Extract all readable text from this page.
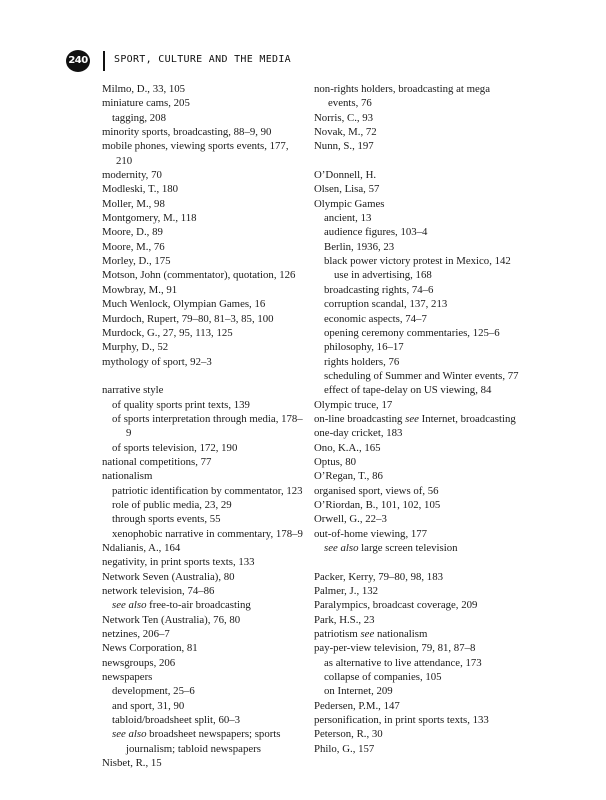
240	SPORT, CULTURE AND THE MEDIA

Milmo, D., 33, 105

miniature cams, 205

tagging, 208

minority sports, broadcasting, 88–9, 90

mobile phones, viewing sports events, 177, 210

modernity, 70

Modleski, T., 180

Moller, M., 98

Montgomery, M., 118

Moore, D., 89

Moore, M., 76

Morley, D., 175

Motson, John (commentator), quotation, 126

Mowbray, M., 91

Much Wenlock, Olympian Games, 16

Murdoch, Rupert, 79–80, 81–3, 85, 100

Murdock, G., 27, 95, 113, 125

Murphy, D., 52

mythology of sport, 92–3

narrative style

of quality sports print texts, 139

of sports interpretation through media, 178–9

of sports television, 172, 190

national competitions, 77

nationalism

patriotic identification by commentator, 123

role of public media, 23, 29

through sports events, 55

xenophobic narrative in commentary, 178–9

Ndalianis, A., 164

negativity, in print sports texts, 133

Network Seven (Australia), 80

network television, 74–86

see also free-to-air broadcasting

Network Ten (Australia), 76, 80

netzines, 206–7

News Corporation, 81

newsgroups, 206

newspapers

development, 25–6

and sport, 31, 90

tabloid/broadsheet split, 60–3

see also broadsheet newspapers; sports journalism; tabloid newspapers

Nisbet, R., 15

non-rights holders, broadcasting at mega events, 76

Norris, C., 93

Novak, M., 72

Nunn, S., 197

O’Donnell, H.

Olsen, Lisa, 57

Olympic Games

ancient, 13

audience figures, 103–4

Berlin, 1936, 23

black power victory protest in Mexico, 142

use in advertising, 168

broadcasting rights, 74–6

corruption scandal, 137, 213

economic aspects, 74–7

opening ceremony commentaries, 125–6

philosophy, 16–17

rights holders, 76

scheduling of Summer and Winter events, 77

effect of tape-delay on US viewing, 84

Olympic truce, 17

on-line broadcasting see Internet, broadcasting

one-day cricket, 183

Ono, K.A., 165

Optus, 80

O’Regan, T., 86

organised sport, views of, 56

O’Riordan, B., 101, 102, 105

Orwell, G., 22–3

out-of-home viewing, 177

see also large screen television

Packer, Kerry, 79–80, 98, 183

Palmer, J., 132

Paralympics, broadcast coverage, 209

Park, H.S., 23

patriotism see nationalism

pay-per-view television, 79, 81, 87–8

as alternative to live attendance, 173

collapse of companies, 105

on Internet, 209

Pedersen, P.M., 147

personification, in print sports texts, 133

Peterson, R., 30

Philo, G., 157
